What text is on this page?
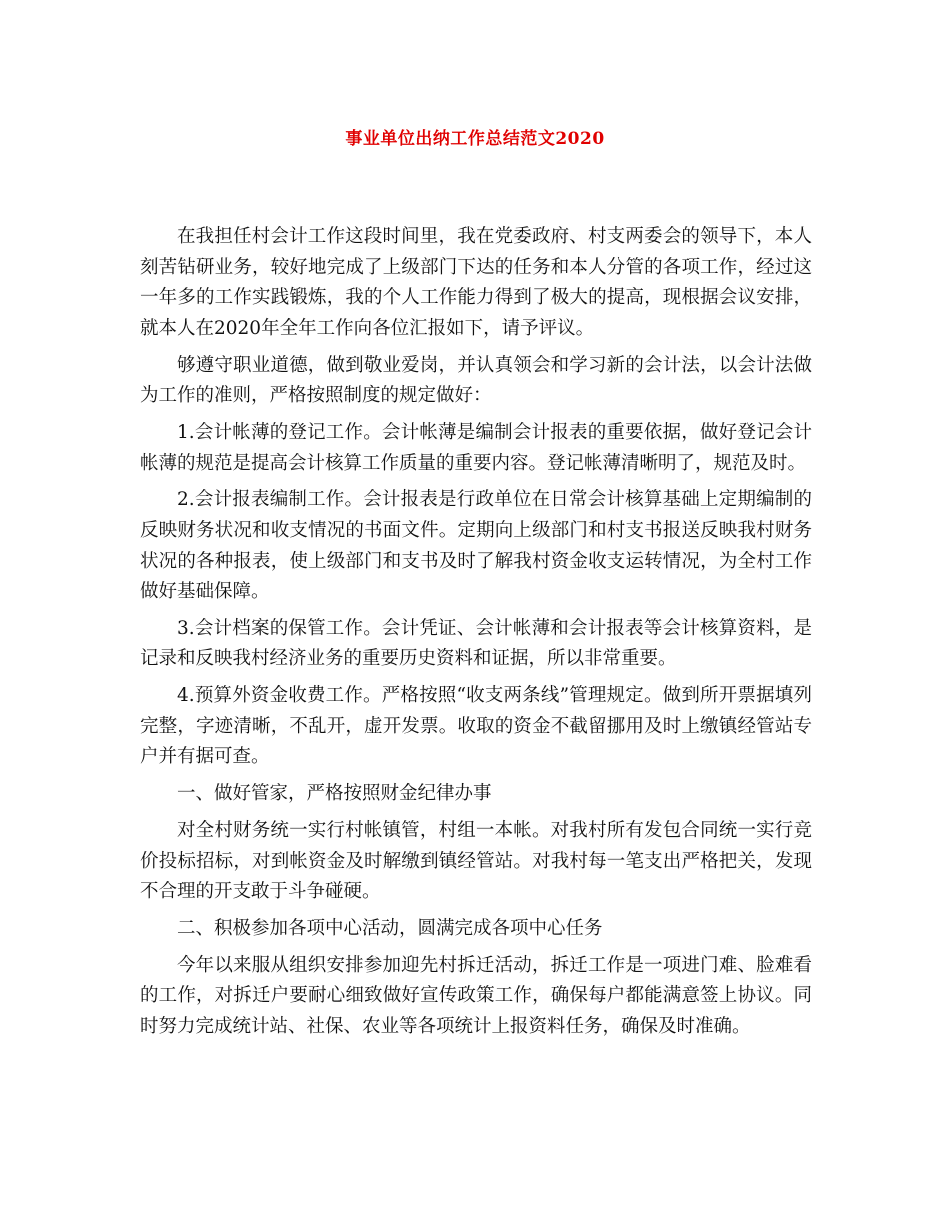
事业单位出纳工作总结范文2020

在我担任村会计工作这段时间里，我在党委政府、村支两委会的领导下，本人刻苦钻研业务，较好地完成了上级部门下达的任务和本人分管的各项工作，经过这一年多的工作实践锻炼，我的个人工作能力得到了极大的提高，现根据会议安排，就本人在2020年全年工作向各位汇报如下，请予评议。

够遵守职业道德，做到敬业爱岗，并认真领会和学习新的会计法，以会计法做为工作的准则，严格按照制度的规定做好：

1.会计帐薄的登记工作。会计帐薄是编制会计报表的重要依据，做好登记会计帐薄的规范是提高会计核算工作质量的重要内容。登记帐薄清晰明了，规范及时。

2.会计报表编制工作。会计报表是行政单位在日常会计核算基础上定期编制的反映财务状况和收支情况的书面文件。定期向上级部门和村支书报送反映我村财务状况的各种报表，使上级部门和支书及时了解我村资金收支运转情况，为全村工作做好基础保障。

3.会计档案的保管工作。会计凭证、会计帐薄和会计报表等会计核算资料，是记录和反映我村经济业务的重要历史资料和证据，所以非常重要。

4.预算外资金收费工作。严格按照“收支两条线”管理规定。做到所开票据填列完整，字迹清晰，不乱开，虚开发票。收取的资金不截留挪用及时上缴镇经管站专户并有据可查。

一、做好管家，严格按照财金纪律办事

对全村财务统一实行村帐镇管，村组一本帐。对我村所有发包合同统一实行竞价投标招标，对到帐资金及时解缴到镇经管站。对我村每一笔支出严格把关，发现不合理的开支敢于斗争碰硬。

二、积极参加各项中心活动，圆满完成各项中心任务

今年以来服从组织安排参加迎先村拆迁活动，拆迁工作是一项进门难、脸难看的工作，对拆迁户要耐心细致做好宣传政策工作，确保每户都能满意签上协议。同时努力完成统计站、社保、农业等各项统计上报资料任务，确保及时准确。
